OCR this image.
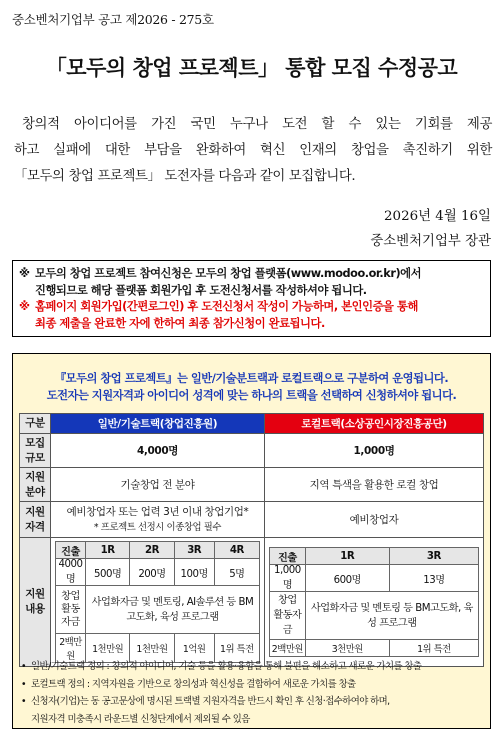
중소벤처기업부 공고 제2026 - 275호
「모두의 창업 프로젝트」 통합 모집 수정공고

창의적 아이디어를 가진 국민 누구나 도전 할 수 있는 기회를 제공

하고 실패에 대한 부담을 완화하여 혁신 인재의 창업을 촉진하기 위한

「모두의 창업 프로젝트」 도전자를 다음과 같이 모집합니다.

2026년 4월 16일
중소벤처기업부 장관
※ 모두의 창업 프로젝트 참여신청은 모두의 창업 플랫폼(www.modoo.or.kr)에서
진행되므로 해당 플랫폼 회원가입 후 도전신청서를 작성하셔야 됩니다.
※ 홈페이지 회원가입(간편로그인) 후 도전신청서 작성이 가능하며, 본인인증을 통해
최종 제출을 완료한 자에 한하여 최종 참가신청이 완료됩니다.
『모두의 창업 프로젝트』는 일반/기술분트랙과 로컬트랙으로 구분하여 운영됩니다.
도전자는 지원자격과 아이디어 성격에 맞는 하나의 트랙을 선택하여 신청하셔야 됩니다.
구분	일반/기술트랙(창업진흥원)	로컬트랙(소상공인시장진흥공단)
모집
규모	4,000명	1,000명
지원
분야	기술창업 전 분야	지역 특색을 활용한 로컬 창업
지원
자격	
예비창업자 또는 업력 3년 이내 창업기업*
* 프로젝트 선정시 이종창업 필수
	예비창업자
지원
내용	
진출	1R	2R	3R	4R
4000명	500명	200명	100명	5명
창업
활동
자금	사업화자금 및 멘토링, AI솔루션 등 BM고도화, 육성 프로그램
2백만원	1천만원	1천만원	1억원	1위 특전

진출	1R	3R
1,000명	600명	13명
창업
활동자금	사업화자금 및 멘토링 등 BM고도화, 육성 프로그램
2백만원	3천만원	1위 특전
• 일반/기술트랙 정의 : 창의적 아이디어, 기술 등을 활용·융합을 통해 불편을 해소하고 새로운 가치를 창출
• 로컬트랙 정의 : 지역자원을 기반으로 창의성과 혁신성을 결합하여 새로운 가치를 창출
• 신청자(기업)는 동 공고문상에 명시된 트랙별 지원자격을 반드시 확인 후 신청·접수하여야 하며,
지원자격 미충족시 라운드별 신청단계에서 제외될 수 있음
